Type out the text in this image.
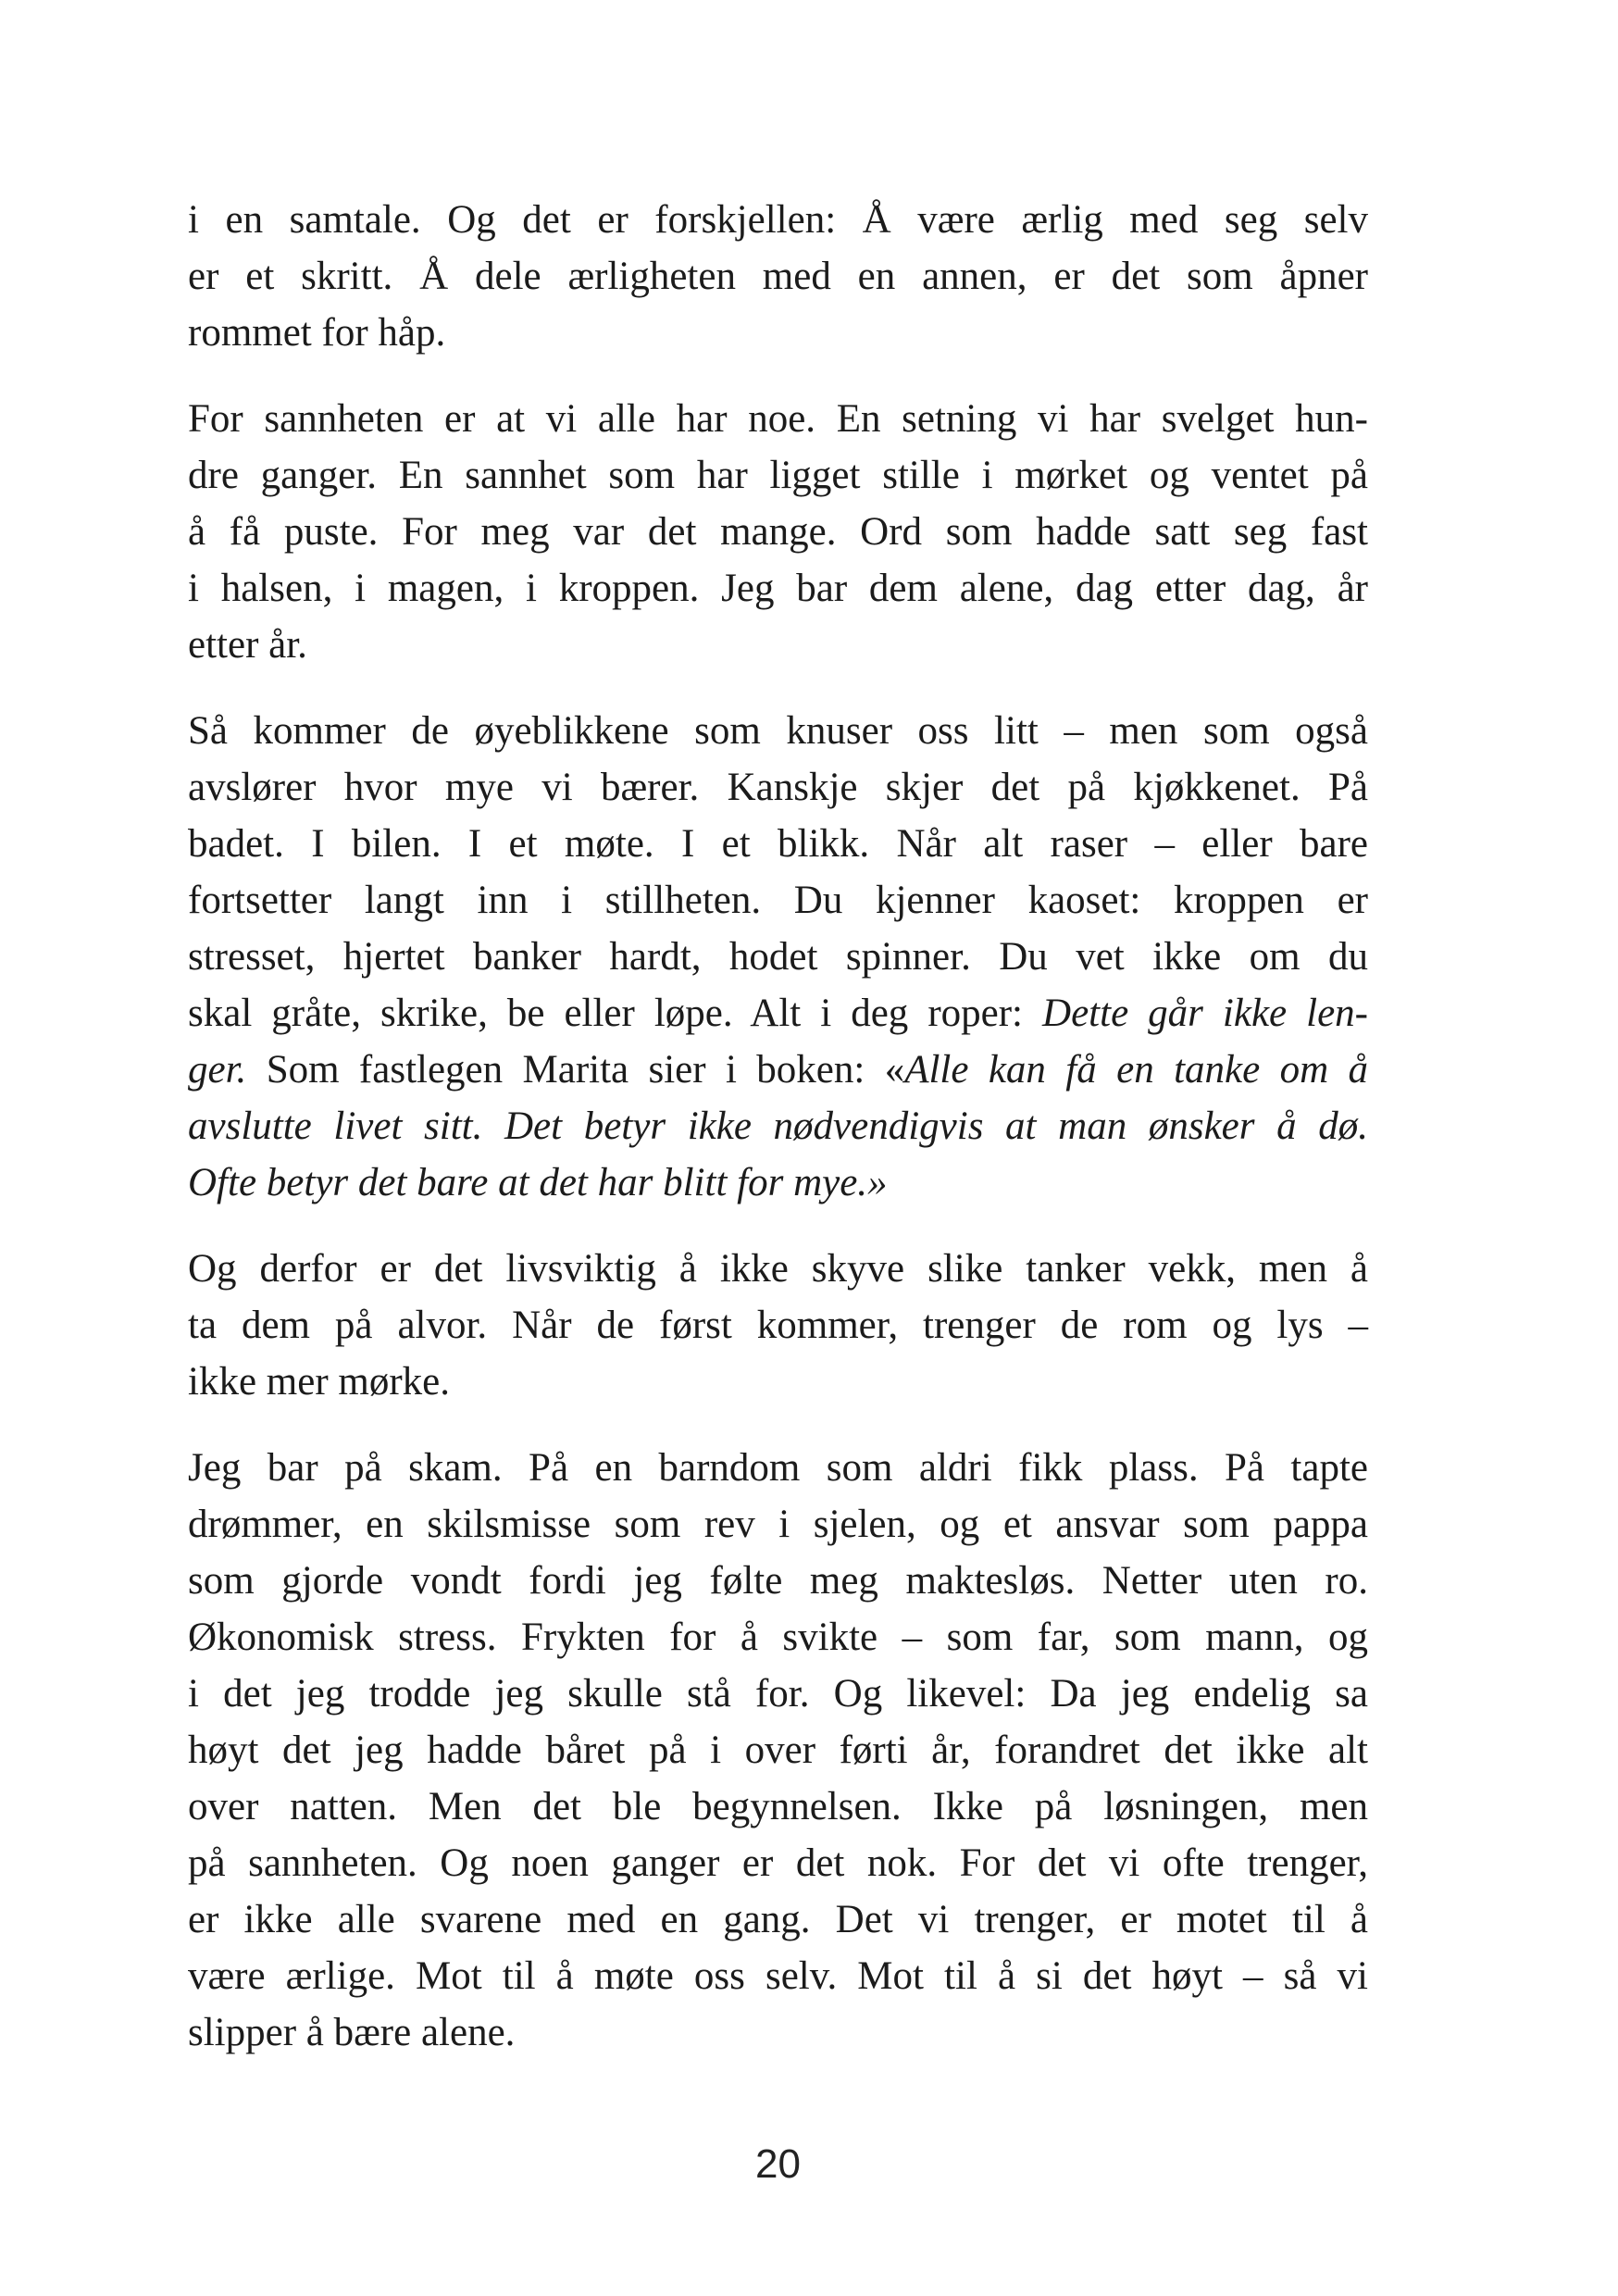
i en samtale. Og det er forskjellen: Å være ærlig med seg selv
er et skritt. Å dele ærligheten med en annen, er det som åpner
rommet for håp.
For sannheten er at vi alle har noe. En setning vi har svelget hun-
dre ganger. En sannhet som har ligget stille i mørket og ventet på
å få puste. For meg var det mange. Ord som hadde satt seg fast
i halsen, i magen, i kroppen. Jeg bar dem alene, dag etter dag, år
etter år.
Så kommer de øyeblikkene som knuser oss litt – men som også
avslører hvor mye vi bærer. Kanskje skjer det på kjøkkenet. På
badet. I bilen. I et møte. I et blikk. Når alt raser – eller bare
fortsetter langt inn i stillheten. Du kjenner kaoset: kroppen er
stresset, hjertet banker hardt, hodet spinner. Du vet ikke om du
skal gråte, skrike, be eller løpe. Alt i deg roper: Dette går ikke len-
ger. Som fastlegen Marita sier i boken: «Alle kan få en tanke om å
avslutte livet sitt. Det betyr ikke nødvendigvis at man ønsker å dø.
Ofte betyr det bare at det har blitt for mye.»
Og derfor er det livsviktig å ikke skyve slike tanker vekk, men å
ta dem på alvor. Når de først kommer, trenger de rom og lys –
ikke mer mørke.
Jeg bar på skam. På en barndom som aldri fikk plass. På tapte
drømmer, en skilsmisse som rev i sjelen, og et ansvar som pappa
som gjorde vondt fordi jeg følte meg maktesløs. Netter uten ro.
Økonomisk stress. Frykten for å svikte – som far, som mann, og
i det jeg trodde jeg skulle stå for. Og likevel: Da jeg endelig sa
høyt det jeg hadde båret på i over førti år, forandret det ikke alt
over natten. Men det ble begynnelsen. Ikke på løsningen, men
på sannheten. Og noen ganger er det nok. For det vi ofte trenger,
er ikke alle svarene med en gang. Det vi trenger, er motet til å
være ærlige. Mot til å møte oss selv. Mot til å si det høyt – så vi
slipper å bære alene.
20
